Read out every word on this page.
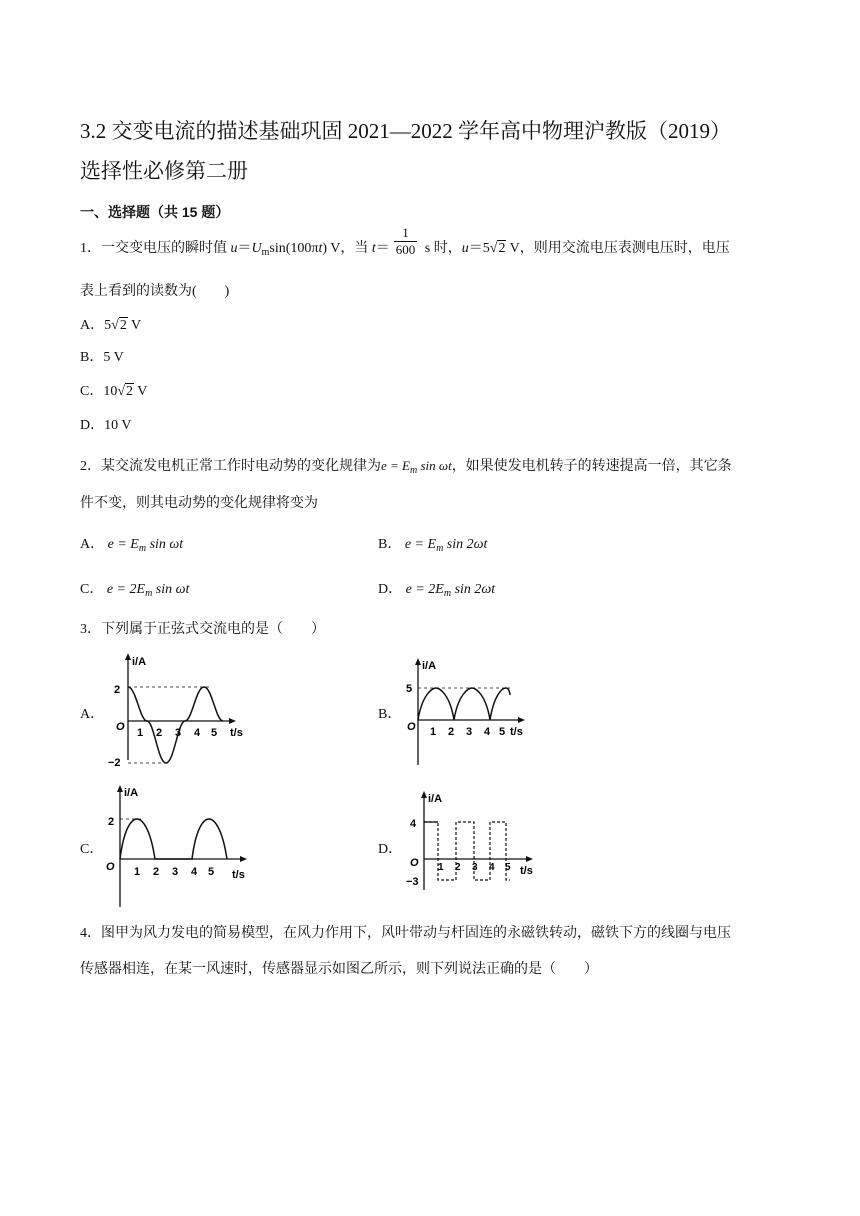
3.2 交变电流的描述基础巩固 2021—2022 学年高中物理沪教版（2019）
选择性必修第二册
一、选择题（共 15 题）
1．一交变电压的瞬时值 $u=U_m\sin(100\pi t)$ V，当 $t= \frac{1}{600}$ s 时，u＝5√2 V，则用交流电压表测电压时，电压
表上看到的读数为(　　)
A．5√2 V
B．5 V
C．10√2 V
D．10 V
2．某交流发电机正常工作时电动势的变化规律为$e = E_m$ sin ωt，如果使发电机转子的转速提高一倍，其它条
件不变，则其电动势的变化规律将变为
A． $e = E_m$ sin ωt	B． $e = E_m$ sin 2ωt
C． $e = 2E_m$ sin ωt	D． $e = 2E_m$ sin 2ωt
3．下列属于正弦式交流电的是（　　）
A．
i/A
t/s
O
2
−2
1 2 3 4 5
B．
i/A
t/s
O
5
1 2 3 4 5
C．
i/A
t/s
O
2
1 2 3 4 5
D．
i/A
t/s
O
4
−3
1 2 3 4 5
4．图甲为风力发电的简易模型，在风力作用下，风叶带动与杆固连的永磁铁转动，磁铁下方的线圈与电压
传感器相连，在某一风速时，传感器显示如图乙所示，则下列说法正确的是（　　）
